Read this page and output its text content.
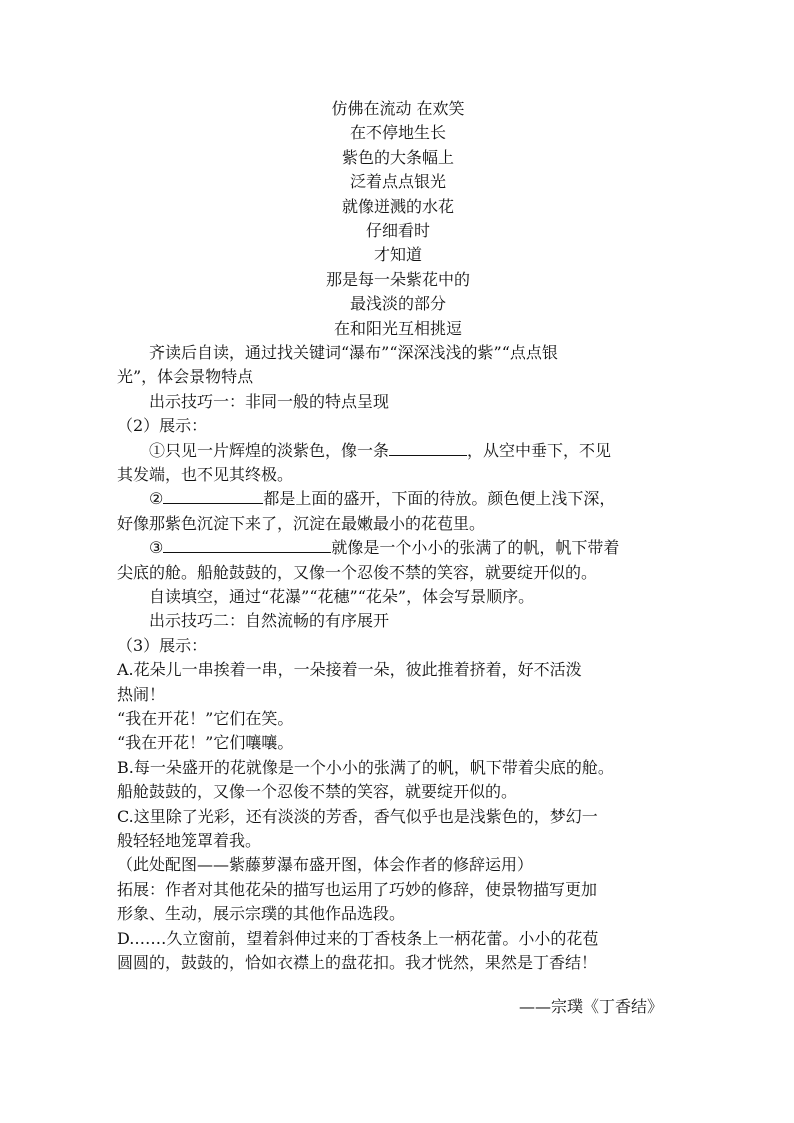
仿佛在流动 在欢笑
在不停地生长
紫色的大条幅上
泛着点点银光
就像迸溅的水花
仔细看时
才知道
那是每一朵紫花中的
最浅淡的部分
在和阳光互相挑逗

齐读后自读，通过找关键词“瀑布”“深深浅浅的紫”“点点银
光”，体会景物特点

出示技巧一：非同一般的特点呈现

（2）展示：

①只见一片辉煌的淡紫色，像一条	，从空中垂下，不见
其发端，也不见其终极。

②	都是上面的盛开，下面的待放。颜色便上浅下深，
好像那紫色沉淀下来了，沉淀在最嫩最小的花苞里。

③	就像是一个小小的张满了的帆，帆下带着
尖底的舱。船舱鼓鼓的，又像一个忍俊不禁的笑容，就要绽开似的。

自读填空，通过“花瀑”“花穗”“花朵”，体会写景顺序。

出示技巧二：自然流畅的有序展开

（3）展示：

A.花朵儿一串挨着一串，一朵接着一朵，彼此推着挤着，好不活泼
热闹！

“我在开花！”它们在笑。

“我在开花！”它们嚷嚷。

B.每一朵盛开的花就像是一个小小的张满了的帆，帆下带着尖底的舱。
船舱鼓鼓的，又像一个忍俊不禁的笑容，就要绽开似的。

C.这里除了光彩，还有淡淡的芳香，香气似乎也是浅紫色的，梦幻一
般轻轻地笼罩着我。

（此处配图——紫藤萝瀑布盛开图，体会作者的修辞运用）

拓展：作者对其他花朵的描写也运用了巧妙的修辞，使景物描写更加
形象、生动，展示宗璞的其他作品选段。

D.……久立窗前，望着斜伸过来的丁香枝条上一柄花蕾。小小的花苞
圆圆的，鼓鼓的，恰如衣襟上的盘花扣。我才恍然，果然是丁香结！

——宗璞《丁香结》
